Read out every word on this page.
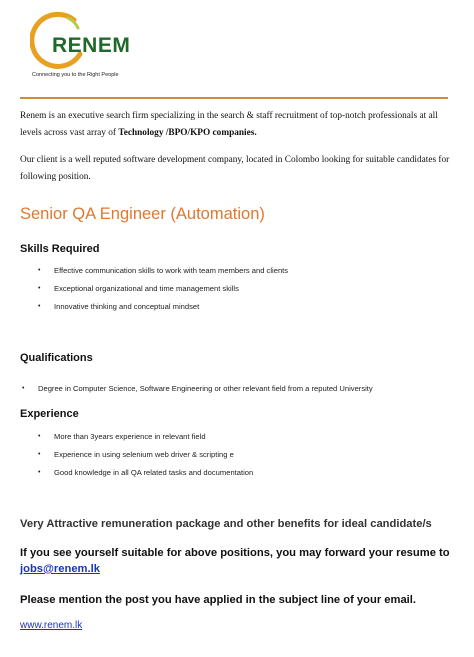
RENEM
Connecting you to the Right People
Renem is an executive search firm specializing in the search & staff recruitment of top-notch professionals at all levels across vast array of Technology /BPO/KPO companies.
Our client is a well reputed software development company, located in Colombo looking for suitable candidates for following position.
Senior QA Engineer (Automation)
Skills Required
• Effective communication skills to work with team members and clients
• Exceptional organizational and time management skills
• Innovative thinking and conceptual mindset
Qualifications
• Degree in Computer Science, Software Engineering or other relevant field from a reputed University
Experience
• More than 3years experience in relevant field
• Experience in using selenium web driver & scripting e
• Good knowledge in all QA related tasks and documentation
Very Attractive remuneration package and other benefits for ideal candidate/s
If you see yourself suitable for above positions, you may forward your resume to
jobs@renem.lk
Please mention the post you have applied in the subject line of your email.
www.renem.lk
